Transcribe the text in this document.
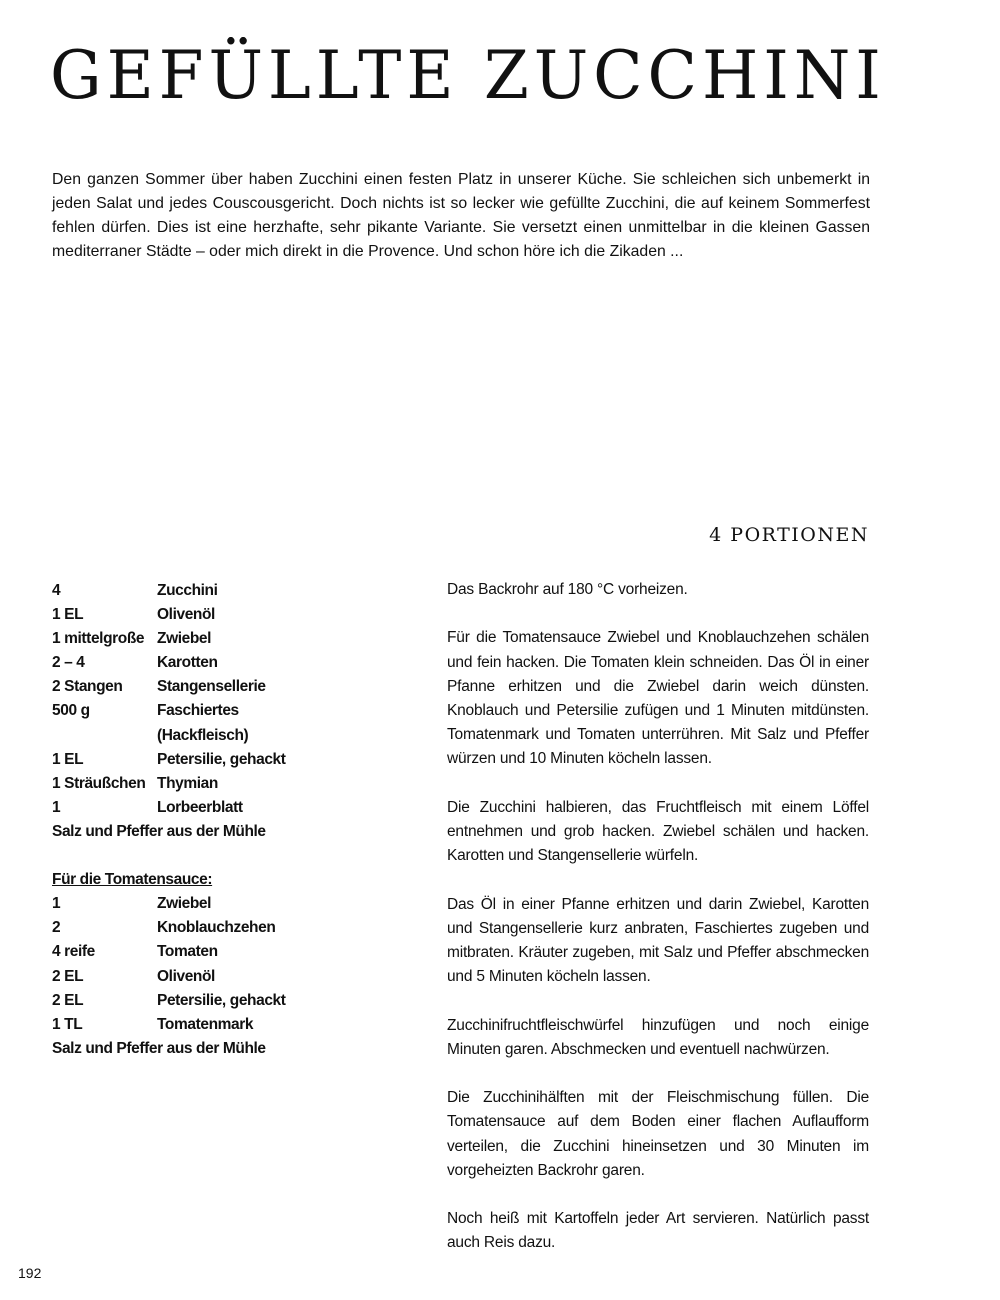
GEFÜLLTE ZUCCHINI

Den ganzen Sommer über haben Zucchini einen festen Platz in unserer Küche. Sie schleichen sich unbemerkt in jeden Salat und jedes Couscousgericht. Doch nichts ist so lecker wie gefüllte Zucchini, die auf keinem Sommerfest fehlen dürfen. Dies ist eine herzhafte, sehr pikante Variante. Sie versetzt einen unmittelbar in die kleinen Gassen mediterraner Städte – oder mich direkt in die Provence. Und schon höre ich die Zikaden ...

4 PORTIONEN
4	Zucchini
1 EL	Olivenöl
1 mittelgroße Zwiebel
2 – 4	Karotten
2 Stangen	Stangensellerie
500 g	Faschiertes
(Hackfleisch)
1 EL	Petersilie, gehackt
1 Sträußchen Thymian
1	Lorbeerblatt
Salz und Pfeffer aus der Mühle
Für die Tomatensauce:
1	Zwiebel
2	Knoblauchzehen
4 reife	Tomaten
2 EL	Olivenöl
2 EL	Petersilie, gehackt
1 TL	Tomatenmark
Salz und Pfeffer aus der Mühle

Das Backrohr auf 180 °C vorheizen.

Für die Tomatensauce Zwiebel und Knoblauchzehen schälen und fein hacken. Die Tomaten klein schneiden. Das Öl in einer Pfanne erhitzen und die Zwiebel darin weich dünsten. Knoblauch und Petersilie zufügen und 1 Minuten mitdünsten. Tomatenmark und Tomaten unterrühren. Mit Salz und Pfeffer würzen und 10 Minuten köcheln lassen.

Die Zucchini halbieren, das Fruchtfleisch mit einem Löffel entnehmen und grob hacken. Zwiebel schälen und hacken. Karotten und Stangensellerie würfeln.

Das Öl in einer Pfanne erhitzen und darin Zwiebel, Karotten und Stangensellerie kurz anbraten, Faschiertes zugeben und mitbraten. Kräuter zugeben, mit Salz und Pfeffer abschmecken und 5 Minuten köcheln lassen.

Zucchinifruchtfleischwürfel hinzufügen und noch einige Minuten garen. Abschmecken und eventuell nachwürzen.

Die Zucchinihälften mit der Fleischmischung füllen. Die Tomatensauce auf dem Boden einer flachen Auflaufform verteilen, die Zucchini hineinsetzen und 30 Minuten im vorgeheizten Backrohr garen.

Noch heiß mit Kartoffeln jeder Art servieren. Natürlich passt auch Reis dazu.

192
